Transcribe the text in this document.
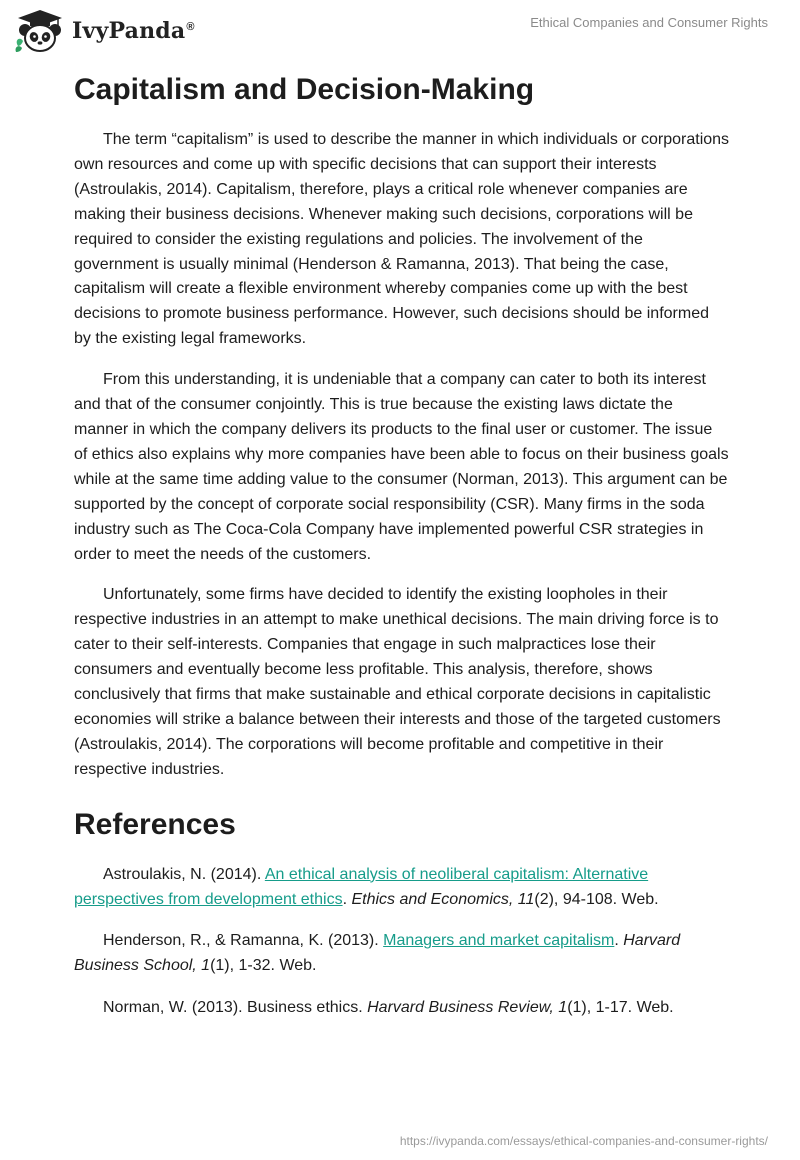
IvyPanda®	Ethical Companies and Consumer Rights
Capitalism and Decision-Making

The term “capitalism” is used to describe the manner in which individuals or corporations own resources and come up with specific decisions that can support their interests (Astroulakis, 2014). Capitalism, therefore, plays a critical role whenever companies are making their business decisions. Whenever making such decisions, corporations will be required to consider the existing regulations and policies. The involvement of the government is usually minimal (Henderson & Ramanna, 2013). That being the case, capitalism will create a flexible environment whereby companies come up with the best decisions to promote business performance. However, such decisions should be informed by the existing legal frameworks.

From this understanding, it is undeniable that a company can cater to both its interest and that of the consumer conjointly. This is true because the existing laws dictate the manner in which the company delivers its products to the final user or customer. The issue of ethics also explains why more companies have been able to focus on their business goals while at the same time adding value to the consumer (Norman, 2013). This argument can be supported by the concept of corporate social responsibility (CSR). Many firms in the soda industry such as The Coca-Cola Company have implemented powerful CSR strategies in order to meet the needs of the customers.

Unfortunately, some firms have decided to identify the existing loopholes in their respective industries in an attempt to make unethical decisions. The main driving force is to cater to their self-interests. Companies that engage in such malpractices lose their consumers and eventually become less profitable. This analysis, therefore, shows conclusively that firms that make sustainable and ethical corporate decisions in capitalistic economies will strike a balance between their interests and those of the targeted customers (Astroulakis, 2014). The corporations will become profitable and competitive in their respective industries.

References

Astroulakis, N. (2014). An ethical analysis of neoliberal capitalism: Alternative perspectives from development ethics. Ethics and Economics, 11(2), 94-108. Web.

Henderson, R., & Ramanna, K. (2013). Managers and market capitalism. Harvard Business School, 1(1), 1-32. Web.

Norman, W. (2013). Business ethics. Harvard Business Review, 1(1), 1-17. Web.

https://ivypanda.com/essays/ethical-companies-and-consumer-rights/
